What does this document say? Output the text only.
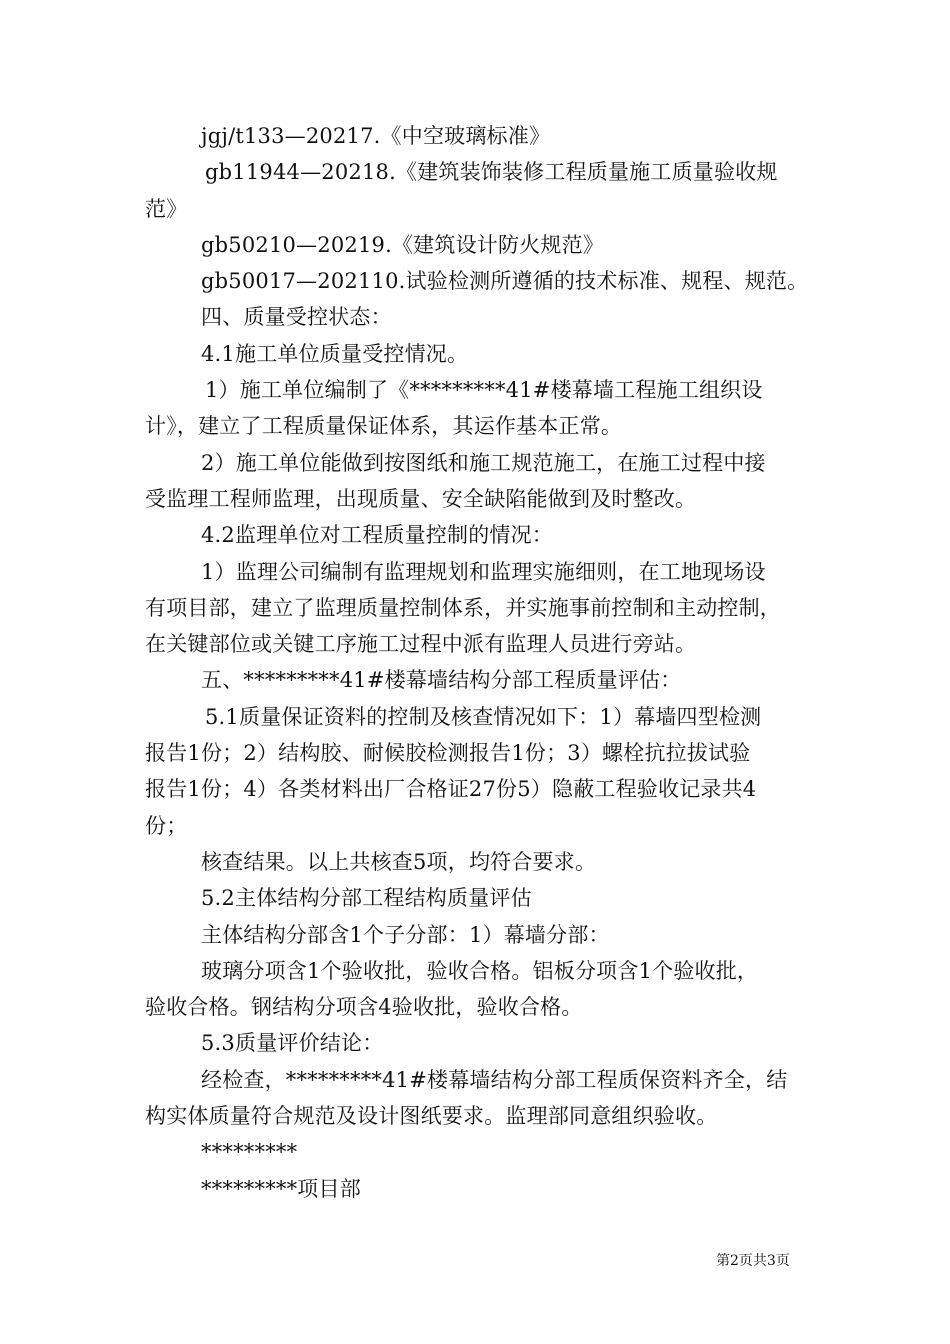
jgj/t133—20217.《中空玻璃标准》
gb11944—20218.《建筑装饰装修工程质量施工质量验收规
范》
gb50210—20219.《建筑设计防火规范》
gb50017—202110.试验检测所遵循的技术标准、规程、规范。
四、质量受控状态：
4.1施工单位质量受控情况。
1）施工单位编制了《*********41#楼幕墙工程施工组织设
计》，建立了工程质量保证体系，其运作基本正常。
2）施工单位能做到按图纸和施工规范施工，在施工过程中接
受监理工程师监理，出现质量、安全缺陷能做到及时整改。
4.2监理单位对工程质量控制的情况：
1）监理公司编制有监理规划和监理实施细则，在工地现场设
有项目部，建立了监理质量控制体系，并实施事前控制和主动控制，
在关键部位或关键工序施工过程中派有监理人员进行旁站。
五、*********41#楼幕墙结构分部工程质量评估：
5.1质量保证资料的控制及核查情况如下：1）幕墙四型检测
报告1份；2）结构胶、耐候胶检测报告1份；3）螺栓抗拉拔试验
报告1份；4）各类材料出厂合格证27份5）隐蔽工程验收记录共4
份；
核查结果。以上共核查5项，均符合要求。
5.2主体结构分部工程结构质量评估
主体结构分部含1个子分部：1）幕墙分部：
玻璃分项含1个验收批，验收合格。铝板分项含1个验收批，
验收合格。钢结构分项含4验收批，验收合格。
5.3质量评价结论：
经检查，*********41#楼幕墙结构分部工程质保资料齐全，结
构实体质量符合规范及设计图纸要求。监理部同意组织验收。
*********
*********项目部
第2页共3页
